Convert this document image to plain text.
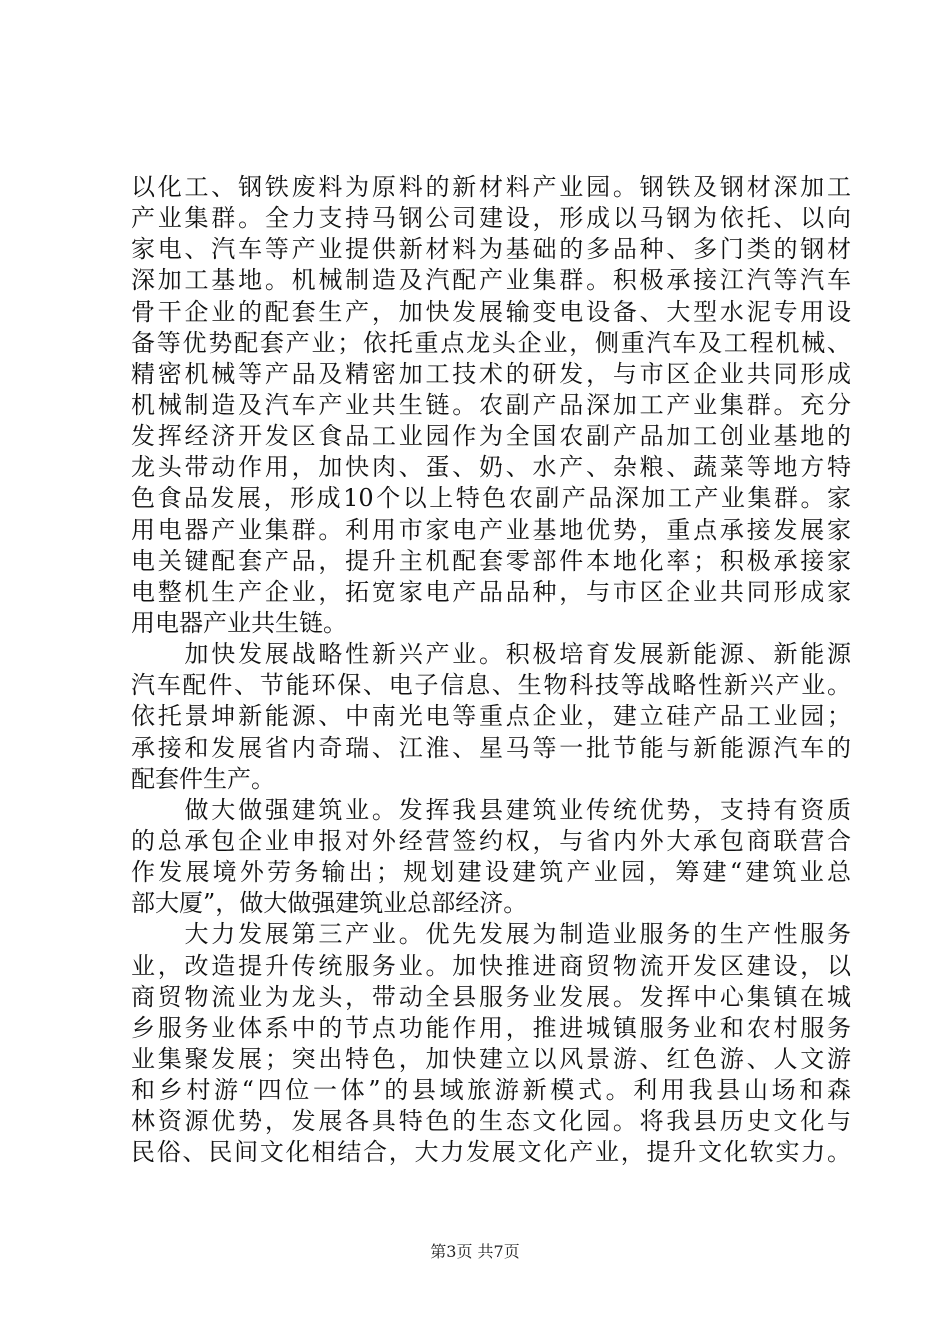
以化工、钢铁废料为原料的新材料产业园。钢铁及钢材深加工
产业集群。全力支持马钢公司建设，形成以马钢为依托、以向
家电、汽车等产业提供新材料为基础的多品种、多门类的钢材
深加工基地。机械制造及汽配产业集群。积极承接江汽等汽车
骨干企业的配套生产，加快发展输变电设备、大型水泥专用设
备等优势配套产业；依托重点龙头企业，侧重汽车及工程机械、
精密机械等产品及精密加工技术的研发，与市区企业共同形成
机械制造及汽车产业共生链。农副产品深加工产业集群。充分
发挥经济开发区食品工业园作为全国农副产品加工创业基地的
龙头带动作用，加快肉、蛋、奶、水产、杂粮、蔬菜等地方特
色食品发展，形成10个以上特色农副产品深加工产业集群。家
用电器产业集群。利用市家电产业基地优势，重点承接发展家
电关键配套产品，提升主机配套零部件本地化率；积极承接家
电整机生产企业，拓宽家电产品品种，与市区企业共同形成家
用电器产业共生链。
　　加快发展战略性新兴产业。积极培育发展新能源、新能源
汽车配件、节能环保、电子信息、生物科技等战略性新兴产业。
依托景坤新能源、中南光电等重点企业，建立硅产品工业园；
承接和发展省内奇瑞、江淮、星马等一批节能与新能源汽车的
配套件生产。
　　做大做强建筑业。发挥我县建筑业传统优势，支持有资质
的总承包企业申报对外经营签约权，与省内外大承包商联营合
作发展境外劳务输出；规划建设建筑产业园，筹建“建筑业总
部大厦”，做大做强建筑业总部经济。
　　大力发展第三产业。优先发展为制造业服务的生产性服务
业，改造提升传统服务业。加快推进商贸物流开发区建设，以
商贸物流业为龙头，带动全县服务业发展。发挥中心集镇在城
乡服务业体系中的节点功能作用，推进城镇服务业和农村服务
业集聚发展；突出特色，加快建立以风景游、红色游、人文游
和乡村游“四位一体”的县域旅游新模式。利用我县山场和森
林资源优势，发展各具特色的生态文化园。将我县历史文化与
民俗、民间文化相结合，大力发展文化产业，提升文化软实力。
第3页 共7页
